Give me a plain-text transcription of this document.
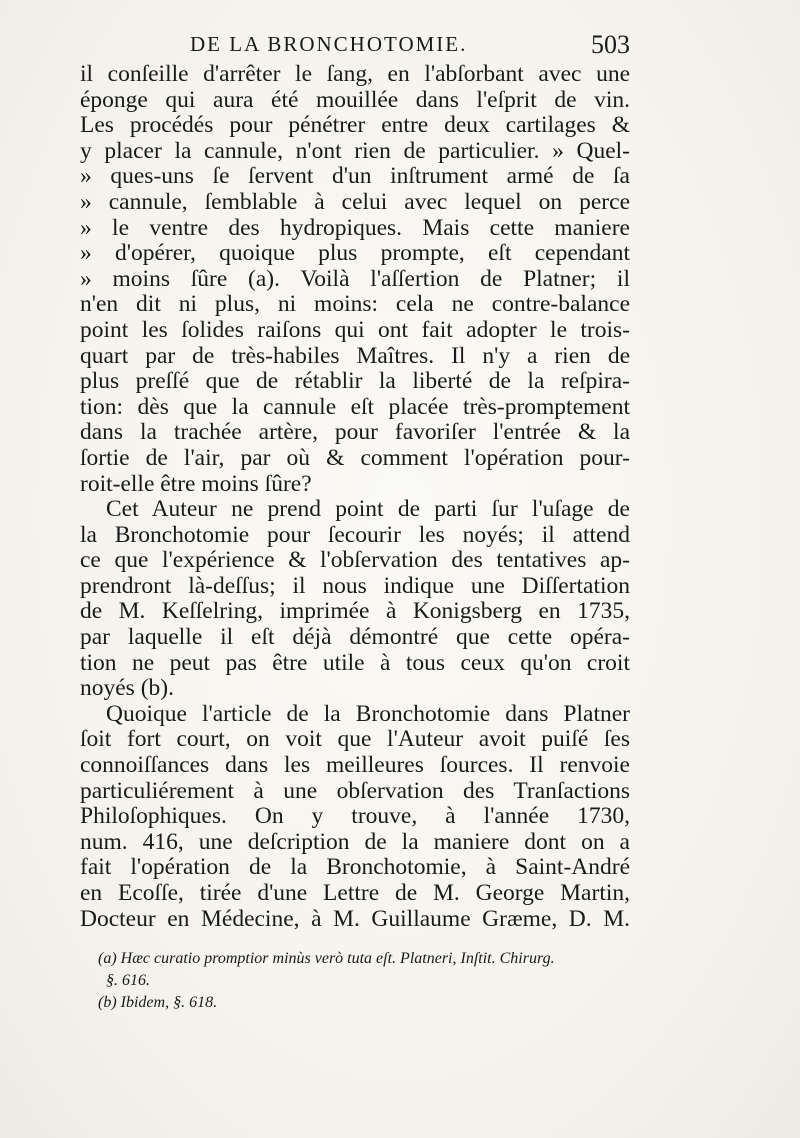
DE LA BRONCHOTOMIE.	503
il conſeille d'arrêter le ſang, en l'abſorbant avec une
éponge qui aura été mouillée dans l'eſprit de vin.
Les procédés pour pénétrer entre deux cartilages &
y placer la cannule, n'ont rien de particulier. » Quel-
» ques-uns ſe ſervent d'un inſtrument armé de ſa
» cannule, ſemblable à celui avec lequel on perce
» le ventre des hydropiques. Mais cette maniere
» d'opérer, quoique plus prompte, eſt cependant
» moins ſûre (a). Voilà l'aſſertion de Platner; il
n'en dit ni plus, ni moins: cela ne contre-balance
point les ſolides raiſons qui ont fait adopter le trois-
quart par de très-habiles Maîtres. Il n'y a rien de
plus preſſé que de rétablir la liberté de la reſpira-
tion: dès que la cannule eſt placée très-promptement
dans la trachée artère, pour favoriſer l'entrée & la
ſortie de l'air, par où & comment l'opération pour-
roit-elle être moins ſûre?
Cet Auteur ne prend point de parti ſur l'uſage de
la Bronchotomie pour ſecourir les noyés; il attend
ce que l'expérience & l'obſervation des tentatives ap-
prendront là-deſſus; il nous indique une Diſſertation
de M. Keſſelring, imprimée à Konigsberg en 1735,
par laquelle il eſt déjà démontré que cette opéra-
tion ne peut pas être utile à tous ceux qu'on croit
noyés (b).
Quoique l'article de la Bronchotomie dans Platner
ſoit fort court, on voit que l'Auteur avoit puiſé ſes
connoiſſances dans les meilleures ſources. Il renvoie
particuliérement à une obſervation des Tranſactions
Philoſophiques. On y trouve, à l'année 1730,
num. 416, une deſcription de la maniere dont on a
fait l'opération de la Bronchotomie, à Saint-André
en Ecoſſe, tirée d'une Lettre de M. George Martin,
Docteur en Médecine, à M. Guillaume Græme, D. M.
(a) Hæc curatio promptior minùs verò tuta eſt. Platneri, Inſtit. Chirurg.
§. 616.
(b) Ibidem, §. 618.
